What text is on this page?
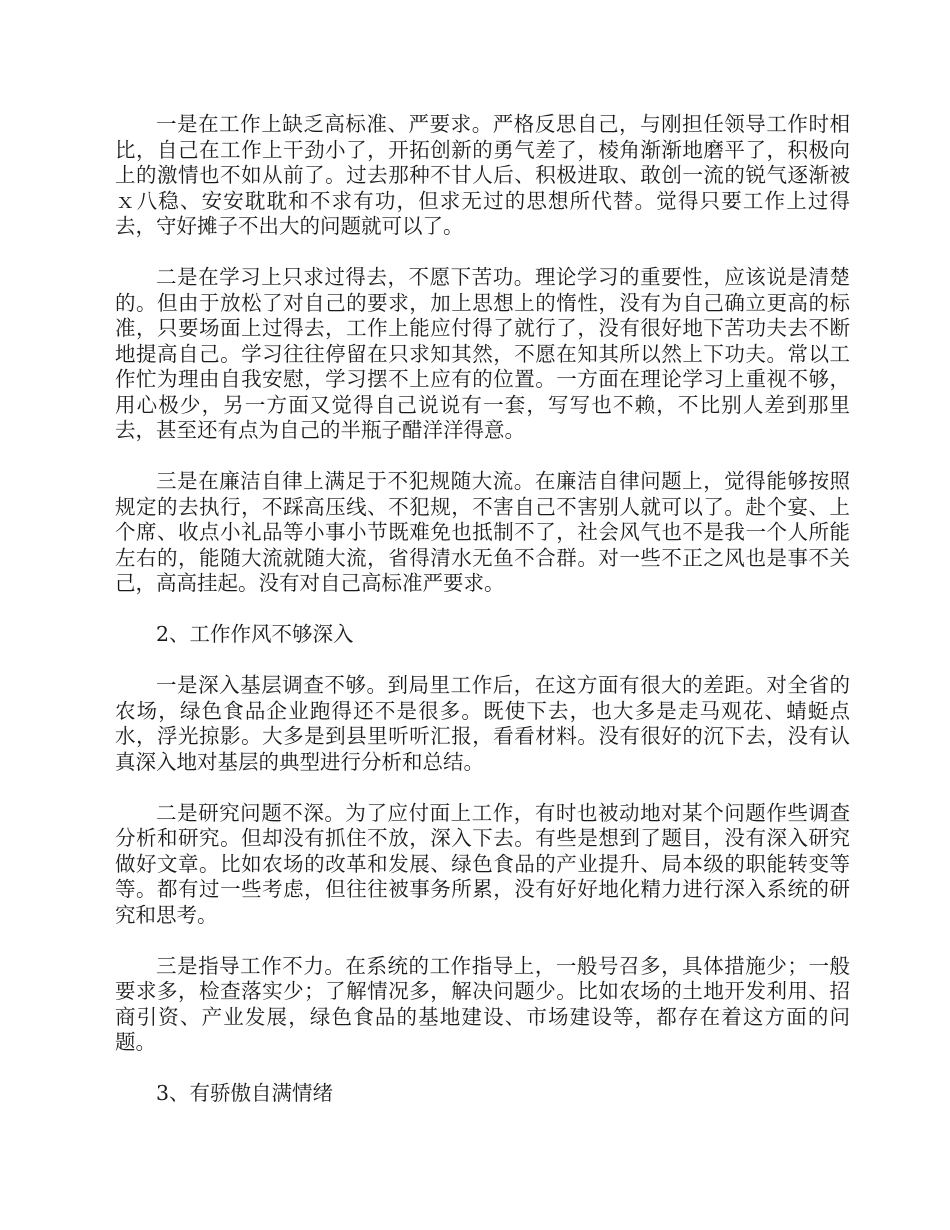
一是在工作上缺乏高标准、严要求。严格反思自己，与刚担任领导工作时相比，自己在工作上干劲小了，开拓创新的勇气差了，棱角渐渐地磨平了，积极向上的激情也不如从前了。过去那种不甘人后、积极进取、敢创一流的锐气逐渐被ｘ八稳、安安耽耽和不求有功，但求无过的思想所代替。觉得只要工作上过得去，守好摊子不出大的问题就可以了。

二是在学习上只求过得去，不愿下苦功。理论学习的重要性，应该说是清楚的。但由于放松了对自己的要求，加上思想上的惰性，没有为自己确立更高的标准，只要场面上过得去，工作上能应付得了就行了，没有很好地下苦功夫去不断地提高自己。学习往往停留在只求知其然，不愿在知其所以然上下功夫。常以工作忙为理由自我安慰，学习摆不上应有的位置。一方面在理论学习上重视不够，用心极少，另一方面又觉得自己说说有一套，写写也不赖，不比别人差到那里去，甚至还有点为自己的半瓶子醋洋洋得意。

三是在廉洁自律上满足于不犯规随大流。在廉洁自律问题上，觉得能够按照规定的去执行，不踩高压线、不犯规，不害自己不害别人就可以了。赴个宴、上个席、收点小礼品等小事小节既难免也抵制不了，社会风气也不是我一个人所能左右的，能随大流就随大流，省得清水无鱼不合群。对一些不正之风也是事不关己，高高挂起。没有对自己高标准严要求。

2、工作作风不够深入

一是深入基层调查不够。到局里工作后，在这方面有很大的差距。对全省的农场，绿色食品企业跑得还不是很多。既使下去，也大多是走马观花、蜻蜓点水，浮光掠影。大多是到县里听听汇报，看看材料。没有很好的沉下去，没有认真深入地对基层的典型进行分析和总结。

二是研究问题不深。为了应付面上工作，有时也被动地对某个问题作些调查分析和研究。但却没有抓住不放，深入下去。有些是想到了题目，没有深入研究做好文章。比如农场的改革和发展、绿色食品的产业提升、局本级的职能转变等等。都有过一些考虑，但往往被事务所累，没有好好地化精力进行深入系统的研究和思考。

三是指导工作不力。在系统的工作指导上，一般号召多，具体措施少；一般要求多，检查落实少；了解情况多，解决问题少。比如农场的土地开发利用、招商引资、产业发展，绿色食品的基地建设、市场建设等，都存在着这方面的问题。

3、有骄傲自满情绪
